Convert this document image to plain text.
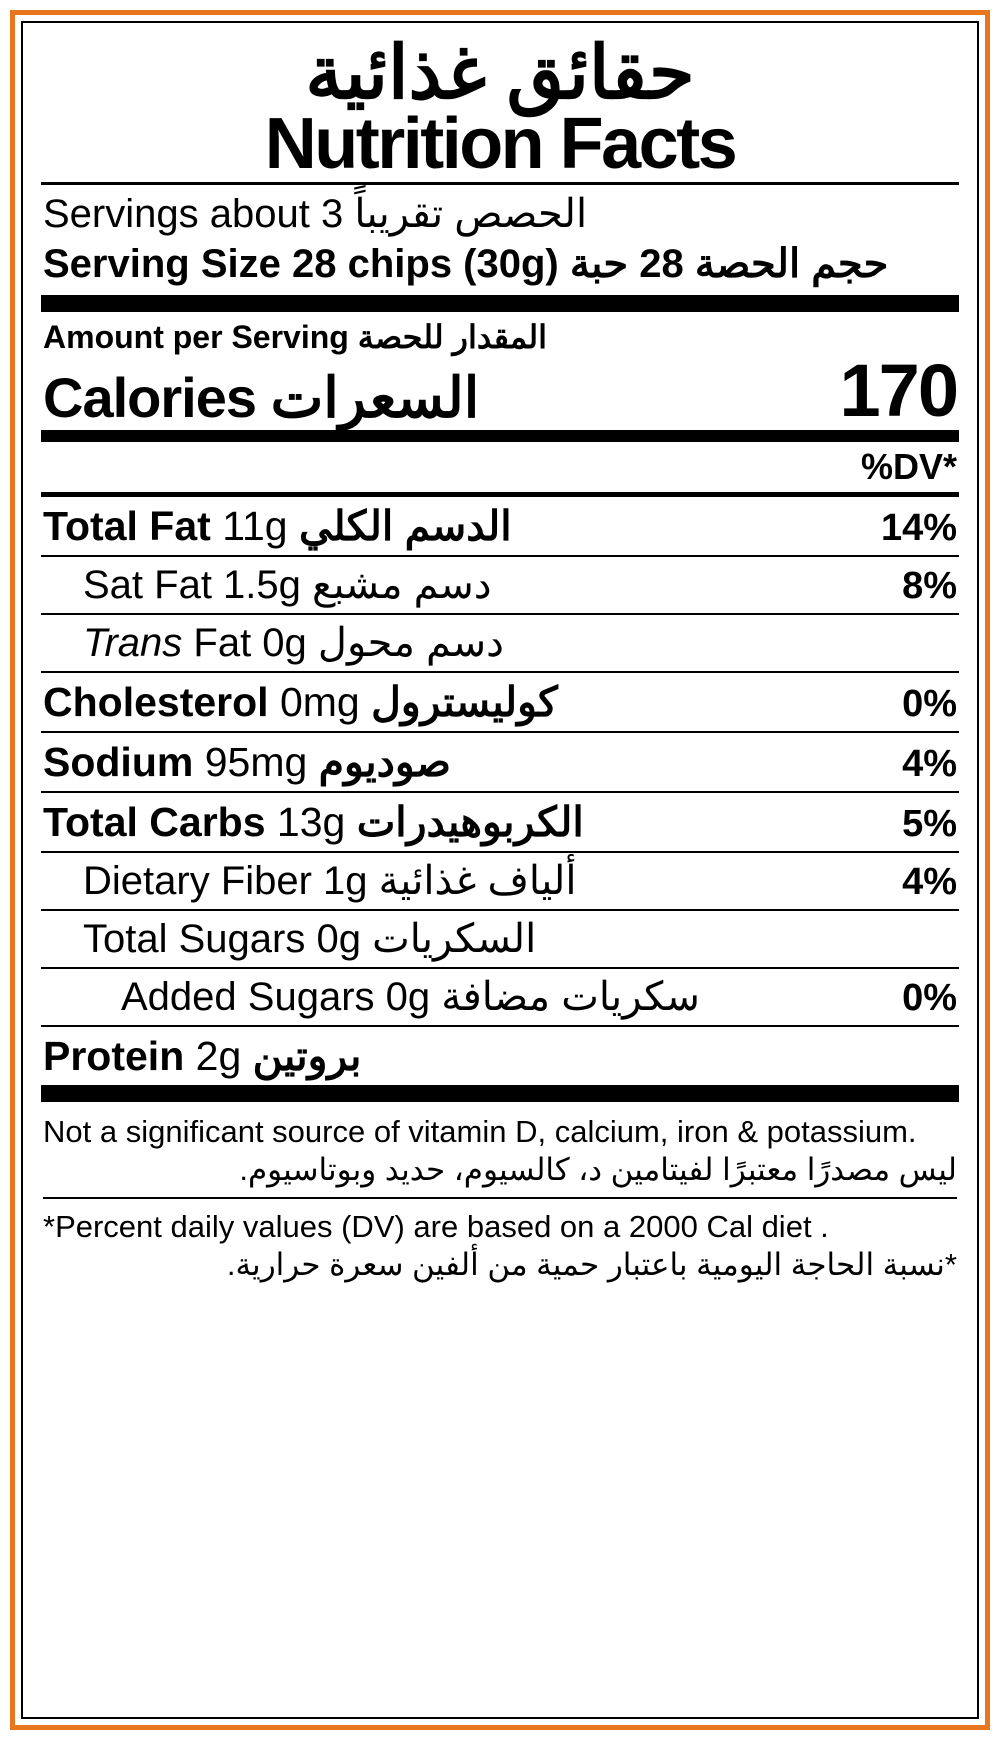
حقائق غذائية
Nutrition Facts
Servings about 3 الحصص تقريباً
Serving Size 28 chips (30g) حجم الحصة 28 حبة
Amount per Serving المقدار للحصة
Calories السعرات	170
%DV*
Total Fat 11g الدسم الكلي	14%
Sat Fat 1.5g دسم مشبع	8%
Trans Fat 0g دسم محول
Cholesterol 0mg كوليسترول	0%
Sodium 95mg صوديوم	4%
Total Carbs 13g الكربوهيدرات	5%
Dietary Fiber 1g ألياف غذائية	4%
Total Sugars 0g السكريات
Added Sugars 0g سكريات مضافة	0%
Protein 2g بروتين
Not a significant source of vitamin D, calcium, iron & potassium.
ليس مصدرًا معتبرًا لفيتامين د، كالسيوم، حديد وبوتاسيوم.
*Percent daily values (DV) are based on a 2000 Cal diet .
*نسبة الحاجة اليومية باعتبار حمية من ألفين سعرة حرارية.
